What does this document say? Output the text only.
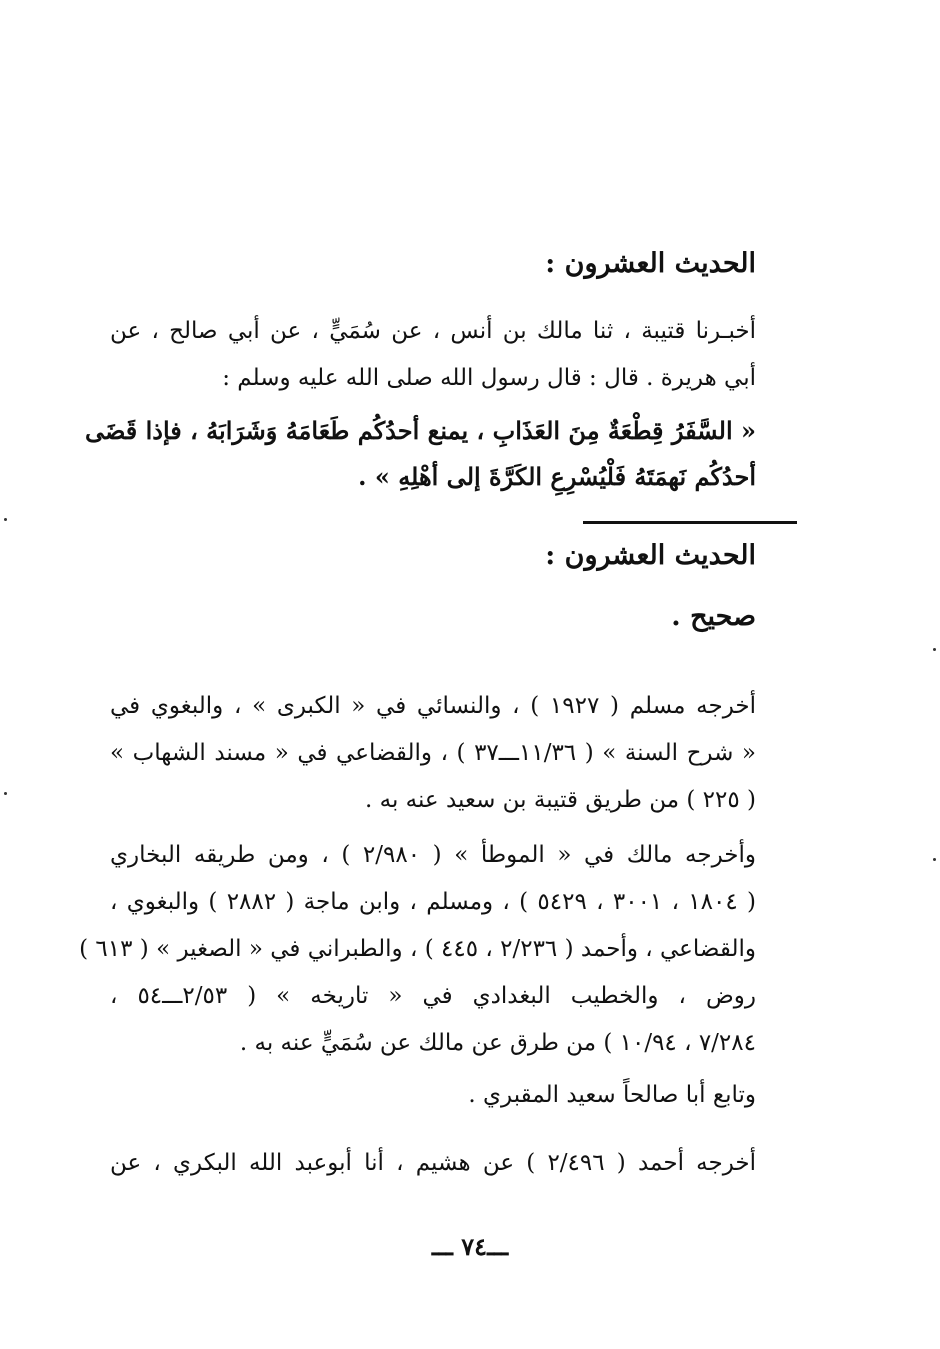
الحديث العشرون :
أخبـرنا قتيبة ، ثنا مالك بن أنس ، عن سُمَيٍّ ، عن أبي صالح ، عن
أبي هريرة . قال : قال رسول الله صلى الله عليه وسلم :
« السَّفَرُ قِطْعَةٌ مِنَ العَذَابِ ، يمنع أحدُكُم طَعَامَهُ وَشَرَابَهُ ، فإذا قَضَى
أحدُكُم نَهمَتَهُ فَلْيُسْرِعِ الكَرَّةَ إلى أهْلِهِ » .
الحديث العشرون :
صحيح .
أخرجه مسلم ( ١٩٢٧ ) ، والنسائي في « الكبرى » ، والبغوي في
« شرح السنة » ( ١١/٣٦ـــ٣٧ ) ، والقضاعي في « مسند الشهاب »
( ٢٢٥ ) من طريق قتيبة بن سعيد عنه به .
وأخرجه مالك في « الموطأ » ( ٢/٩٨٠ ) ، ومن طريقه البخاري
( ١٨٠٤ ، ٣٠٠١ ، ٥٤٢٩ ) ، ومسلم ، وابن ماجة ( ٢٨٨٢ ) والبغوي ،
والقضاعي ، وأحمد ( ٢/٢٣٦ ، ٤٤٥ ) ، والطبراني في « الصغير » ( ٦١٣ )
روض ، والخطيب البغدادي في « تاريخه » ( ٢/٥٣ـــ٥٤ ،
٧/٢٨٤ ، ١٠/٩٤ ) من طرق عن مالك عن سُمَيٍّ عنه به .
وتابع أبا صالحاً سعيد المقبري .
أخرجه أحمد ( ٢/٤٩٦ ) عن هشيم ، أنا أبوعبد الله البكري ، عن
ـــ٧٤ ـــ
